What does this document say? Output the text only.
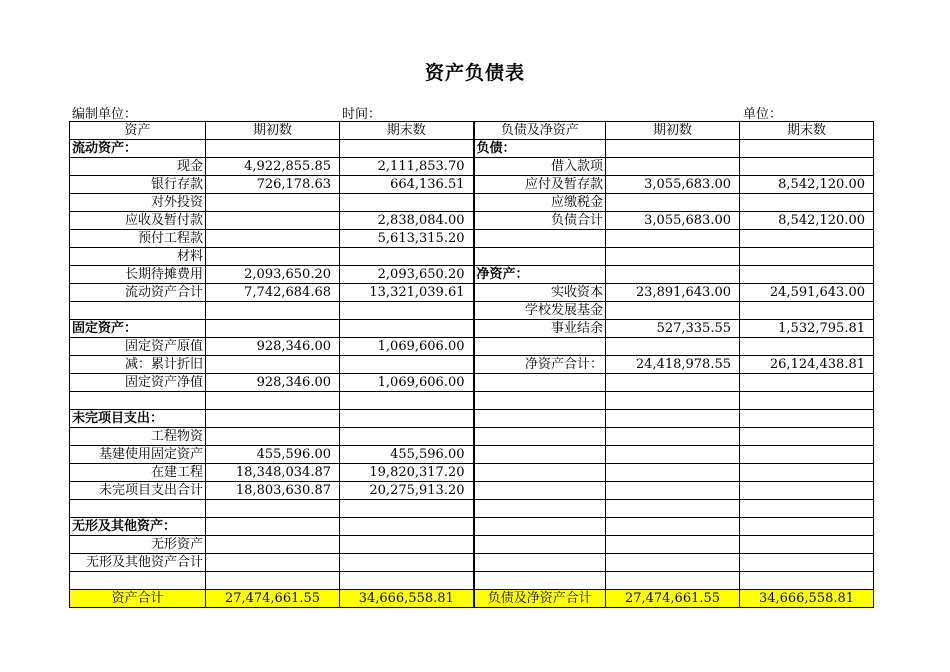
资产负债表
编制单位：	时间：	单位：
资产	期初数	期末数	负债及净资产	期初数	期末数
流动资产：			负债：		
现金	4,922,855.85	2,111,853.70	借入款项		
银行存款	726,178.63	664,136.51	应付及暂存款	3,055,683.00	8,542,120.00
对外投资			应缴税金		
应收及暂付款		2,838,084.00	负债合计	3,055,683.00	8,542,120.00
预付工程款		5,613,315.20			
材料					
长期待摊费用	2,093,650.20	2,093,650.20	净资产：		
流动资产合计	7,742,684.68	13,321,039.61	实收资本	23,891,643.00	24,591,643.00
			学校发展基金		
固定资产：			事业结余	527,335.55	1,532,795.81
固定资产原值	928,346.00	1,069,606.00			
减：累计折旧			净资产合计：	24,418,978.55	26,124,438.81
固定资产净值	928,346.00	1,069,606.00			

未完项目支出：					
工程物资					
基建使用固定资产	455,596.00	455,596.00			
在建工程	18,348,034.87	19,820,317.20			
未完项目支出合计	18,803,630.87	20,275,913.20			

无形及其他资产：					
无形资产					
无形及其他资产合计					

资产合计	27,474,661.55	34,666,558.81	负债及净资产合计	27,474,661.55	34,666,558.81
